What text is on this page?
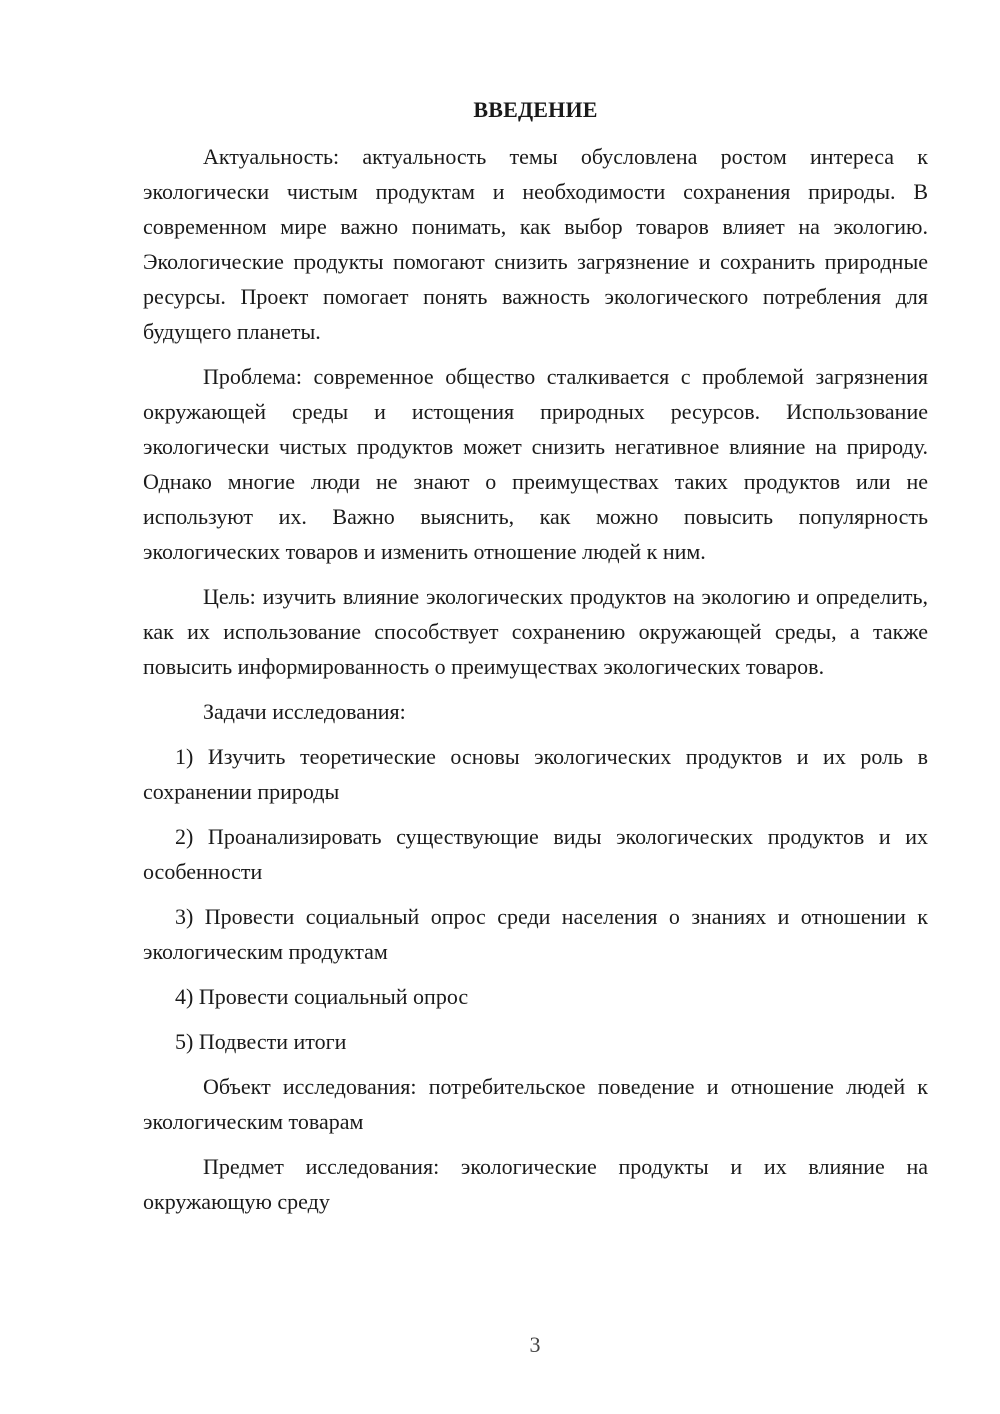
ВВЕДЕНИЕ

Актуальность: актуальность темы обусловлена ростом интереса к экологически чистым продуктам и необходимости сохранения природы. В современном мире важно понимать, как выбор товаров влияет на экологию. Экологические продукты помогают снизить загрязнение и сохранить природные ресурсы. Проект помогает понять важность экологического потребления для будущего планеты.

Проблема: современное общество сталкивается с проблемой загрязнения окружающей среды и истощения природных ресурсов. Использование экологически чистых продуктов может снизить негативное влияние на природу. Однако многие люди не знают о преимуществах таких продуктов или не используют их. Важно выяснить, как можно повысить популярность экологических товаров и изменить отношение людей к ним.

Цель: изучить влияние экологических продуктов на экологию и определить, как их использование способствует сохранению окружающей среды, а также повысить информированность о преимуществах экологических товаров.

Задачи исследования:

1) Изучить теоретические основы экологических продуктов и их роль в сохранении природы

2) Проанализировать существующие виды экологических продуктов и их особенности

3) Провести социальный опрос среди населения о знаниях и отношении к экологическим продуктам

4) Провести социальный опрос

5) Подвести итоги

Объект исследования: потребительское поведение и отношение людей к экологическим товарам

Предмет исследования: экологические продукты и их влияние на окружающую среду

3
